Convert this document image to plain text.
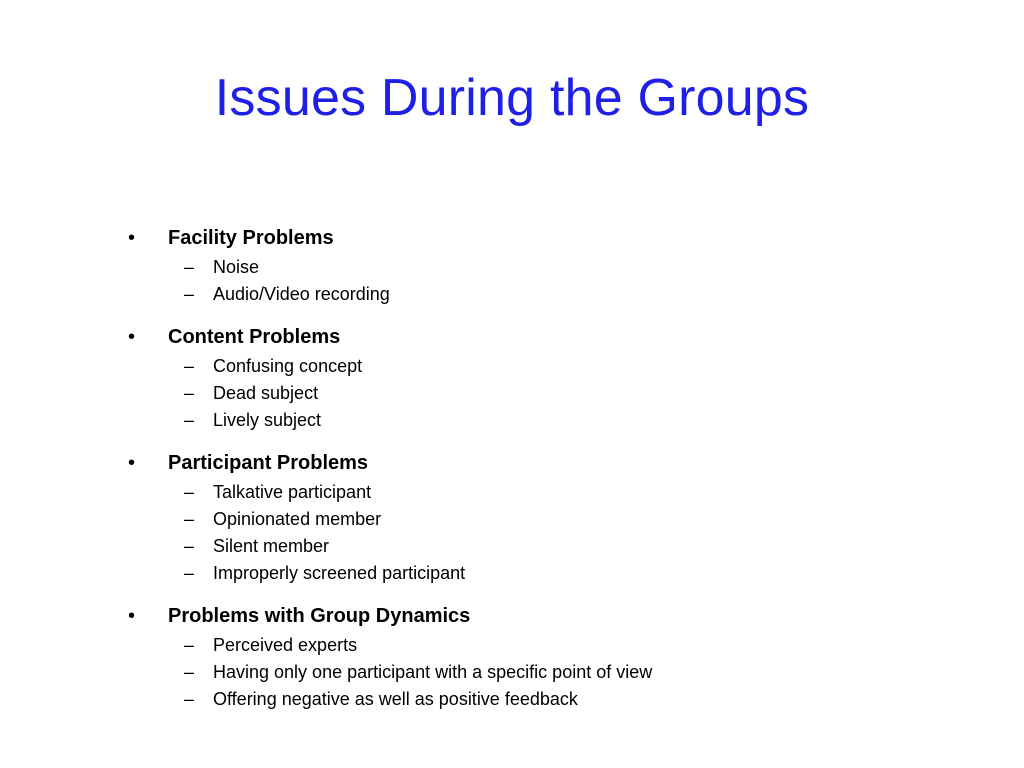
Issues During the Groups
•	Facility Problems
– Noise
– Audio/Video recording
•	Content Problems
– Confusing concept
– Dead subject
– Lively subject
•	Participant Problems
– Talkative participant
– Opinionated member
– Silent member
– Improperly screened participant
•	Problems with Group Dynamics
– Perceived experts
– Having only one participant with a specific point of view
– Offering negative as well as positive feedback
